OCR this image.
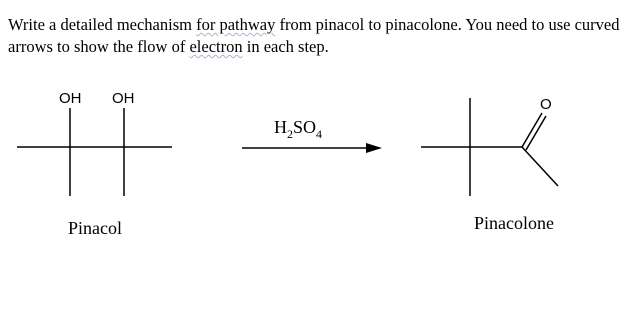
Write a detailed mechanism for pathway from pinacol to pinacolone. You need to use curved arrows to show the flow of electron in each step.
OH OH
$H_2SO_4$
O
Pinacol	Pinacolone
